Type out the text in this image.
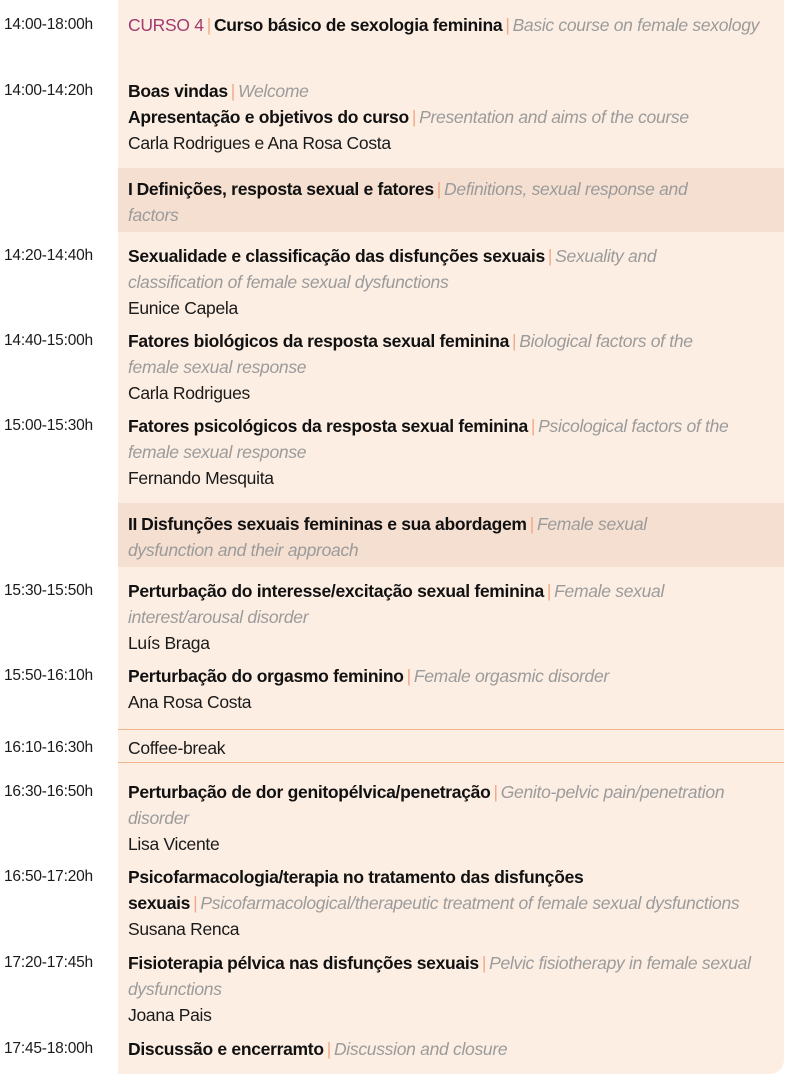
14:00-18:00h	CURSO 4 | Curso básico de sexologia feminina | Basic course on female sexology
14:00-14:20h	Boas vindas | Welcome
Apresentação e objetivos do curso | Presentation and aims of the course
Carla Rodrigues e Ana Rosa Costa
I Definições, resposta sexual e fatores | Definitions, sexual response and factors
14:20-14:40h	Sexualidade e classificação das disfunções sexuais | Sexuality and classification of female sexual dysfunctions
Eunice Capela
14:40-15:00h	Fatores biológicos da resposta sexual feminina | Biological factors of the female sexual response
Carla Rodrigues
15:00-15:30h	Fatores psicológicos da resposta sexual feminina | Psicological factors of the female sexual response
Fernando Mesquita
II Disfunções sexuais femininas e sua abordagem | Female sexual dysfunction and their approach
15:30-15:50h	Perturbação do interesse/excitação sexual feminina | Female sexual interest/arousal disorder
Luís Braga
15:50-16:10h	Perturbação do orgasmo feminino | Female orgasmic disorder
Ana Rosa Costa
16:10-16:30h	Coffee-break
16:30-16:50h	Perturbação de dor genitopélvica/penetração | Genito-pelvic pain/penetration disorder
Lisa Vicente
16:50-17:20h	Psicofarmacologia/terapia no tratamento das disfunções sexuais | Psicofarmacological/therapeutic treatment of female sexual dysfunctions
Susana Renca
17:20-17:45h	Fisioterapia pélvica nas disfunções sexuais | Pelvic fisiotherapy in female sexual dysfunctions
Joana Pais
17:45-18:00h	Discussão e encerramto | Discussion and closure
